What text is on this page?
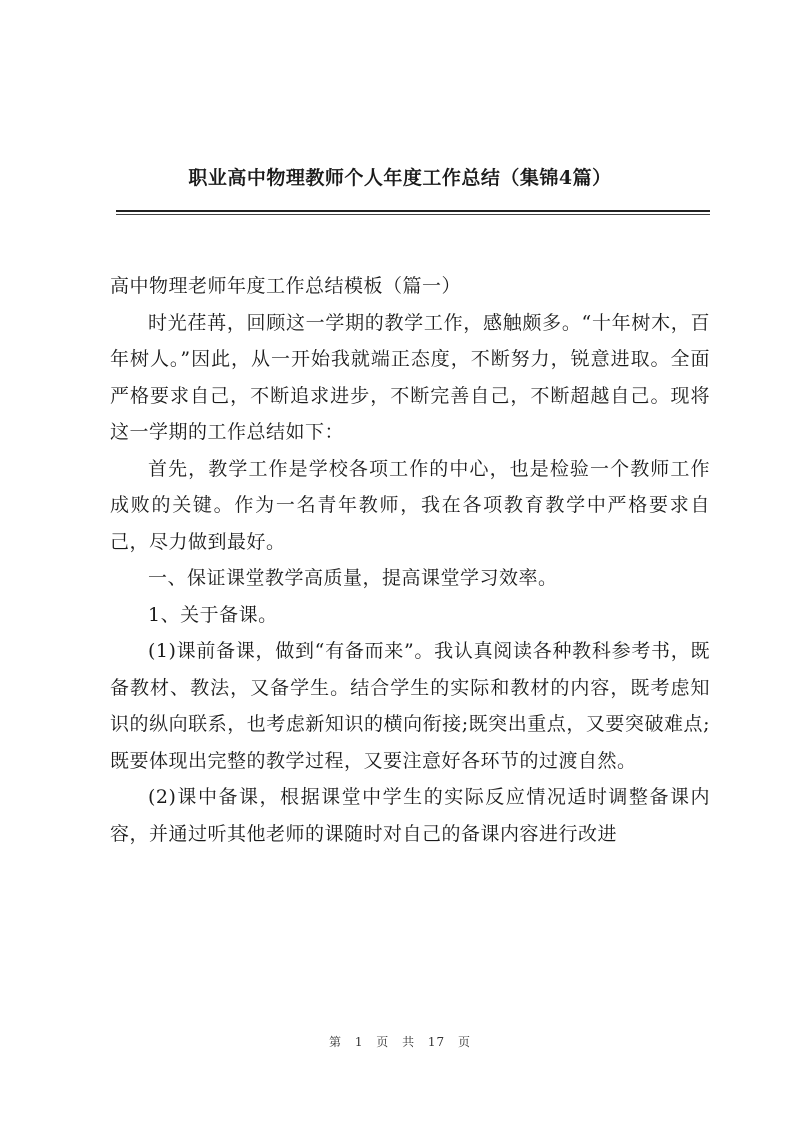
职业高中物理教师个人年度工作总结（集锦4篇）

高中物理老师年度工作总结模板（篇一）

时光荏苒，回顾这一学期的教学工作，感触颇多。“十年树木，百年树人。”因此，从一开始我就端正态度，不断努力，锐意进取。全面严格要求自己，不断追求进步，不断完善自己，不断超越自己。现将这一学期的工作总结如下：

首先，教学工作是学校各项工作的中心，也是检验一个教师工作成败的关键。作为一名青年教师，我在各项教育教学中严格要求自己，尽力做到最好。

一、保证课堂教学高质量，提高课堂学习效率。

1、关于备课。

(1)课前备课，做到“有备而来”。我认真阅读各种教科参考书，既备教材、教法，又备学生。结合学生的实际和教材的内容，既考虑知识的纵向联系，也考虑新知识的横向衔接;既突出重点，又要突破难点;既要体现出完整的教学过程，又要注意好各环节的过渡自然。

(2)课中备课，根据课堂中学生的实际反应情况适时调整备课内容，并通过听其他老师的课随时对自己的备课内容进行改进

第 1 页 共 17 页
